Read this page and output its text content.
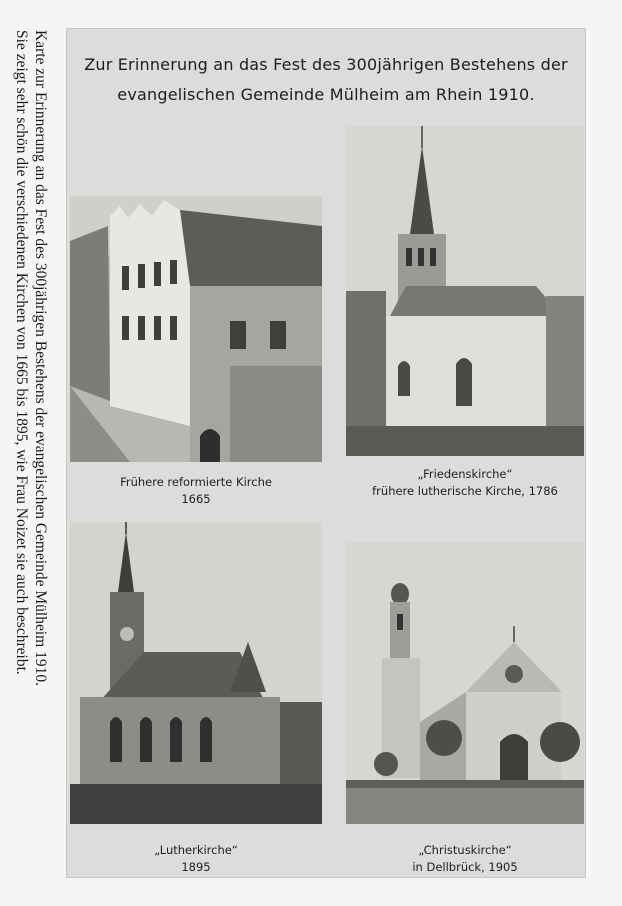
Karte zur Erinnerung an das Fest des 300jährigen Bestehens der evangelischen Gemeinde Mülheim 1910.
Sie zeigt sehr schön die verschiedenen Kirchen von 1665 bis 1895, wie Frau Noizet sie auch beschreibt.	Zur Erinnerung an das Fest des 300jährigen Bestehens der
evangelischen Gemeinde Mülheim am Rhein 1910.
Frühere reformierte Kirche
1665
„Friedenskirche“
frühere lutherische Kirche, 1786
„Lutherkirche“
1895
„Christuskirche“
in Dellbrück, 1905
